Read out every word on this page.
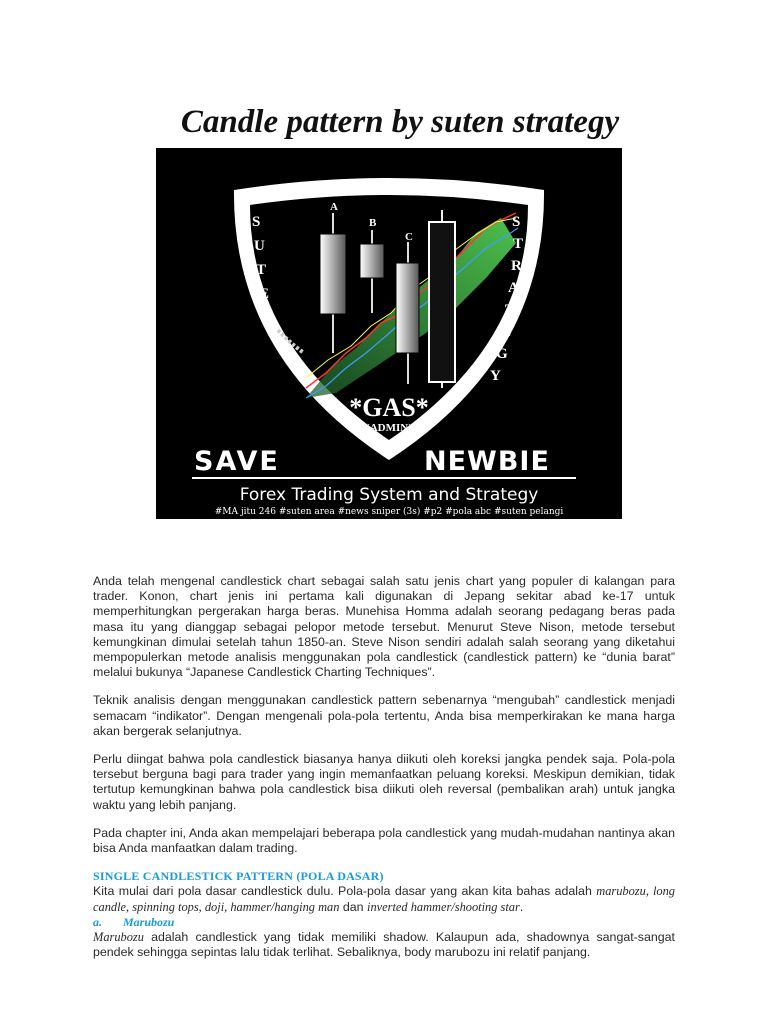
Candle pattern by suten strategy
A
B
C
S
U
T
E
N
S
T
R
A
T
E
G
Y
*GAS*
(ADMIN)
SAVE	NEWBIE
Forex Trading System and Strategy
#MA jitu 246 #suten area #news sniper (3s) #p2 #pola abc #suten pelangi

Anda telah mengenal candlestick chart sebagai salah satu jenis chart yang populer di kalangan para trader. Konon, chart jenis ini pertama kali digunakan di Jepang sekitar abad ke-17 untuk memperhitungkan pergerakan harga beras. Munehisa Homma adalah seorang pedagang beras pada masa itu yang dianggap sebagai pelopor metode tersebut. Menurut Steve Nison, metode tersebut kemungkinan dimulai setelah tahun 1850-an. Steve Nison sendiri adalah salah seorang yang diketahui mempopulerkan metode analisis menggunakan pola candlestick (candlestick pattern) ke “dunia barat” melalui bukunya “Japanese Candlestick Charting Techniques”.

Teknik analisis dengan menggunakan candlestick pattern sebenarnya “mengubah” candlestick menjadi semacam “indikator”. Dengan mengenali pola-pola tertentu, Anda bisa memperkirakan ke mana harga akan bergerak selanjutnya.

Perlu diingat bahwa pola candlestick biasanya hanya diikuti oleh koreksi jangka pendek saja. Pola-pola tersebut berguna bagi para trader yang ingin memanfaatkan peluang koreksi. Meskipun demikian, tidak tertutup kemungkinan bahwa pola candlestick bisa diikuti oleh reversal (pembalikan arah) untuk jangka waktu yang lebih panjang.

Pada chapter ini, Anda akan mempelajari beberapa pola candlestick yang mudah-mudahan nantinya akan bisa Anda manfaatkan dalam trading.

SINGLE CANDLESTICK PATTERN (POLA DASAR)

Kita mulai dari pola dasar candlestick dulu. Pola-pola dasar yang akan kita bahas adalah marubozu, long candle, spinning tops, doji, hammer/hanging man dan inverted hammer/shooting star.

a. Marubozu

Marubozu adalah candlestick yang tidak memiliki shadow. Kalaupun ada, shadownya sangat-sangat pendek sehingga sepintas lalu tidak terlihat. Sebaliknya, body marubozu ini relatif panjang.
